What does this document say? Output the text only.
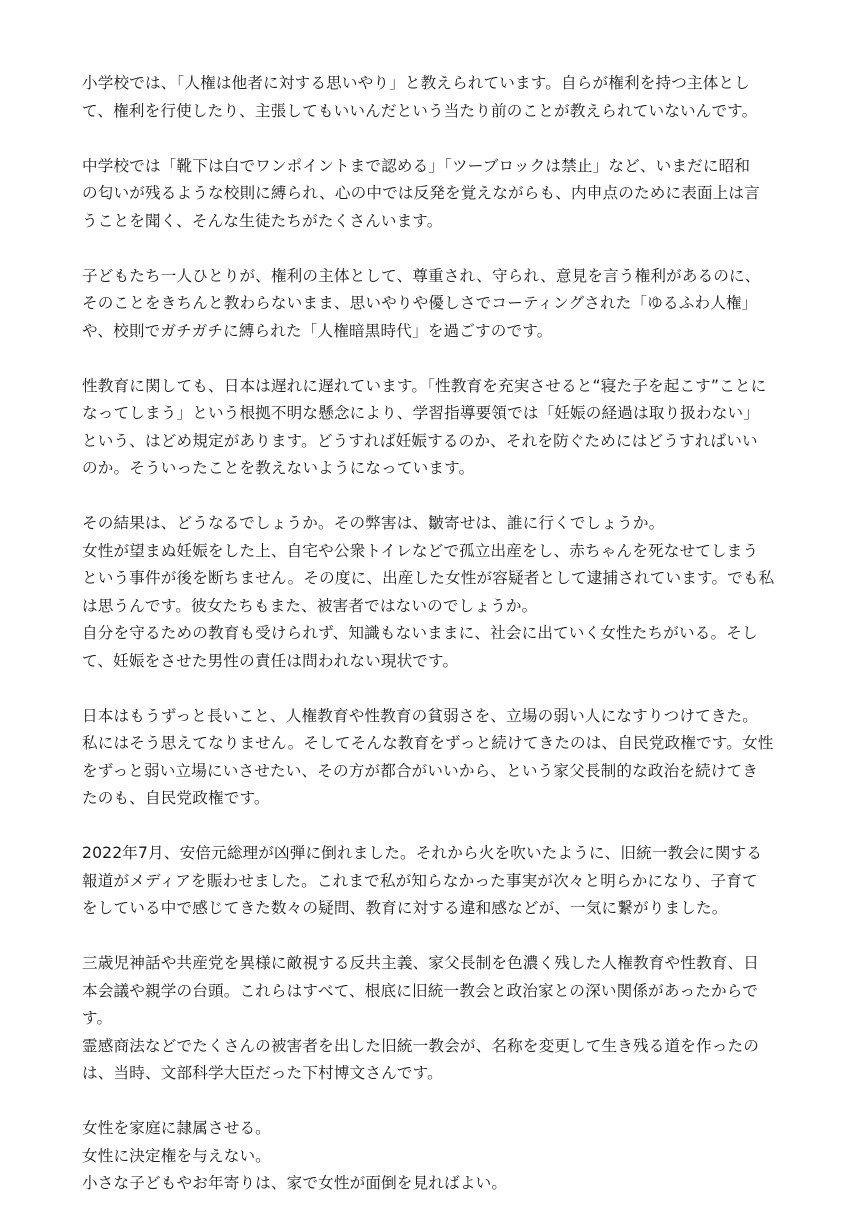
小学校では、「人権は他者に対する思いやり」と教えられています。自らが権利を持つ主体とし
て、権利を行使したり、主張してもいいんだという当たり前のことが教えられていないんです。

中学校では「靴下は白でワンポイントまで認める」「ツーブロックは禁止」など、いまだに昭和
の匂いが残るような校則に縛られ、心の中では反発を覚えながらも、内申点のために表面上は言
うことを聞く、そんな生徒たちがたくさんいます。

子どもたち一人ひとりが、権利の主体として、尊重され、守られ、意見を言う権利があるのに、
そのことをきちんと教わらないまま、思いやりや優しさでコーティングされた「ゆるふわ人権」
や、校則でガチガチに縛られた「人権暗黒時代」を過ごすのです。

性教育に関しても、日本は遅れに遅れています。「性教育を充実させると“寝た子を起こす”ことに
なってしまう」という根拠不明な懸念により、学習指導要領では「妊娠の経過は取り扱わない」
という、はどめ規定があります。どうすれば妊娠するのか、それを防ぐためにはどうすればいい
のか。そういったことを教えないようになっています。

その結果は、どうなるでしょうか。その弊害は、皺寄せは、誰に行くでしょうか。
女性が望まぬ妊娠をした上、自宅や公衆トイレなどで孤立出産をし、赤ちゃんを死なせてしまう
という事件が後を断ちません。その度に、出産した女性が容疑者として逮捕されています。でも私
は思うんです。彼女たちもまた、被害者ではないのでしょうか。
自分を守るための教育も受けられず、知識もないままに、社会に出ていく女性たちがいる。そし
て、妊娠をさせた男性の責任は問われない現状です。

日本はもうずっと長いこと、人権教育や性教育の貧弱さを、立場の弱い人になすりつけてきた。
私にはそう思えてなりません。そしてそんな教育をずっと続けてきたのは、自民党政権です。女性
をずっと弱い立場にいさせたい、その方が都合がいいから、という家父長制的な政治を続けてき
たのも、自民党政権です。

2022年7月、安倍元総理が凶弾に倒れました。それから火を吹いたように、旧統一教会に関する
報道がメディアを賑わせました。これまで私が知らなかった事実が次々と明らかになり、子育て
をしている中で感じてきた数々の疑問、教育に対する違和感などが、一気に繋がりました。

三歳児神話や共産党を異様に敵視する反共主義、家父長制を色濃く残した人権教育や性教育、日
本会議や親学の台頭。これらはすべて、根底に旧統一教会と政治家との深い関係があったからで
す。
霊感商法などでたくさんの被害者を出した旧統一教会が、名称を変更して生き残る道を作ったの
は、当時、文部科学大臣だった下村博文さんです。

女性を家庭に隷属させる。
女性に決定権を与えない。
小さな子どもやお年寄りは、家で女性が面倒を見ればよい。
